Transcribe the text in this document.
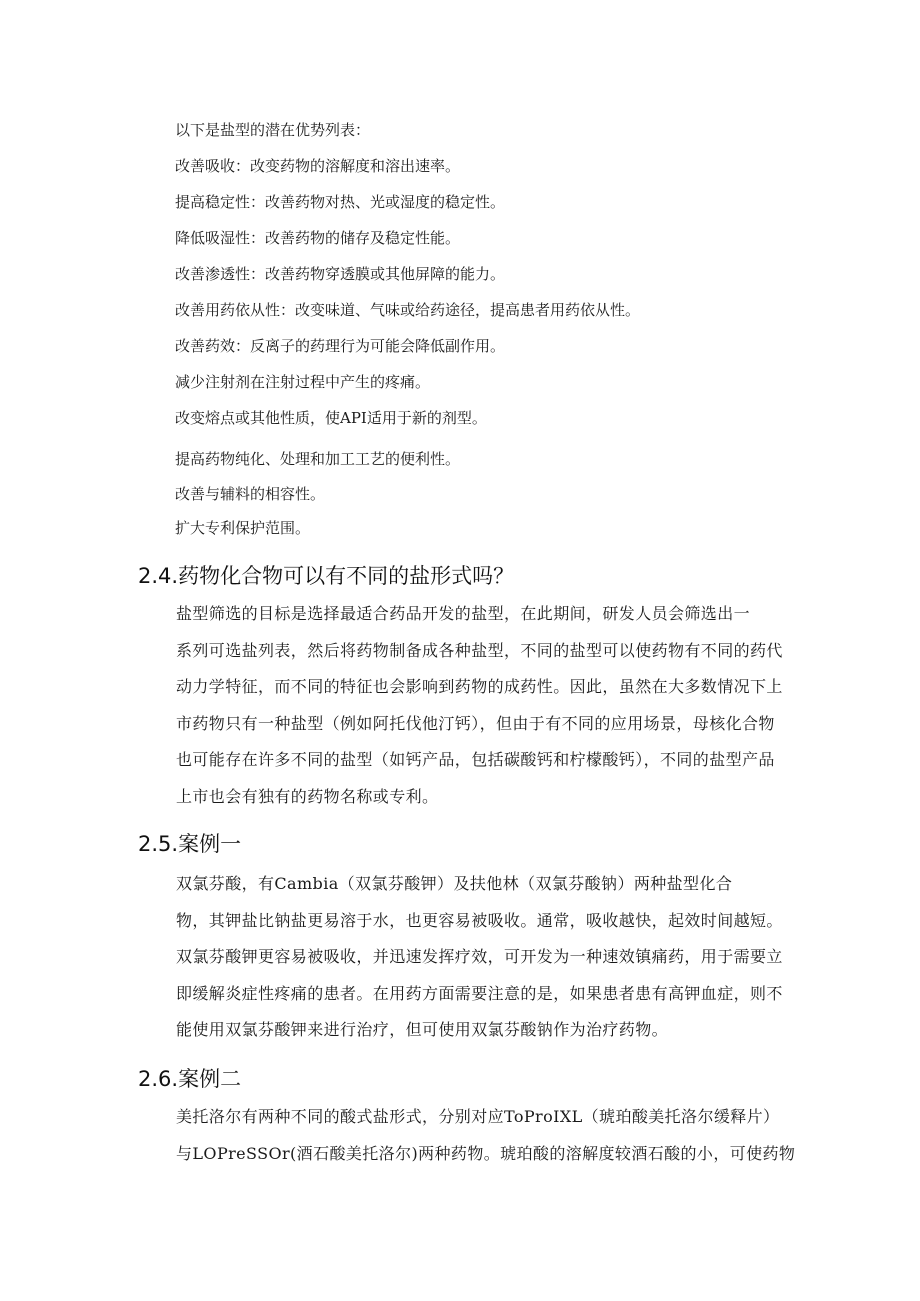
以下是盐型的潜在优势列表：
改善吸收：改变药物的溶解度和溶出速率。
提高稳定性：改善药物对热、光或湿度的稳定性。
降低吸湿性：改善药物的储存及稳定性能。
改善渗透性：改善药物穿透膜或其他屏障的能力。
改善用药依从性：改变味道、气味或给药途径，提高患者用药依从性。
改善药效：反离子的药理行为可能会降低副作用。
减少注射剂在注射过程中产生的疼痛。
改变熔点或其他性质，使API适用于新的剂型。
提高药物纯化、处理和加工工艺的便利性。
改善与辅料的相容性。
扩大专利保护范围。
2.4.药物化合物可以有不同的盐形式吗？
盐型筛选的目标是选择最适合药品开发的盐型，在此期间，研发人员会筛选出一
系列可选盐列表，然后将药物制备成各种盐型，不同的盐型可以使药物有不同的药代
动力学特征，而不同的特征也会影响到药物的成药性。因此，虽然在大多数情况下上
市药物只有一种盐型（例如阿托伐他汀钙），但由于有不同的应用场景，母核化合物
也可能存在许多不同的盐型（如钙产品，包括碳酸钙和柠檬酸钙），不同的盐型产品
上市也会有独有的药物名称或专利。
2.5.案例一
双氯芬酸，有Cambia（双氯芬酸钾）及扶他林（双氯芬酸钠）两种盐型化合
物，其钾盐比钠盐更易溶于水，也更容易被吸收。通常，吸收越快，起效时间越短。
双氯芬酸钾更容易被吸收，并迅速发挥疗效，可开发为一种速效镇痛药，用于需要立
即缓解炎症性疼痛的患者。在用药方面需要注意的是，如果患者患有高钾血症，则不
能使用双氯芬酸钾来进行治疗，但可使用双氯芬酸钠作为治疗药物。
2.6.案例二
美托洛尔有两种不同的酸式盐形式，分别对应ToProIXL（琥珀酸美托洛尔缓释片）
与LOPreSSOr(酒石酸美托洛尔)两种药物。琥珀酸的溶解度较酒石酸的小，可使药物
